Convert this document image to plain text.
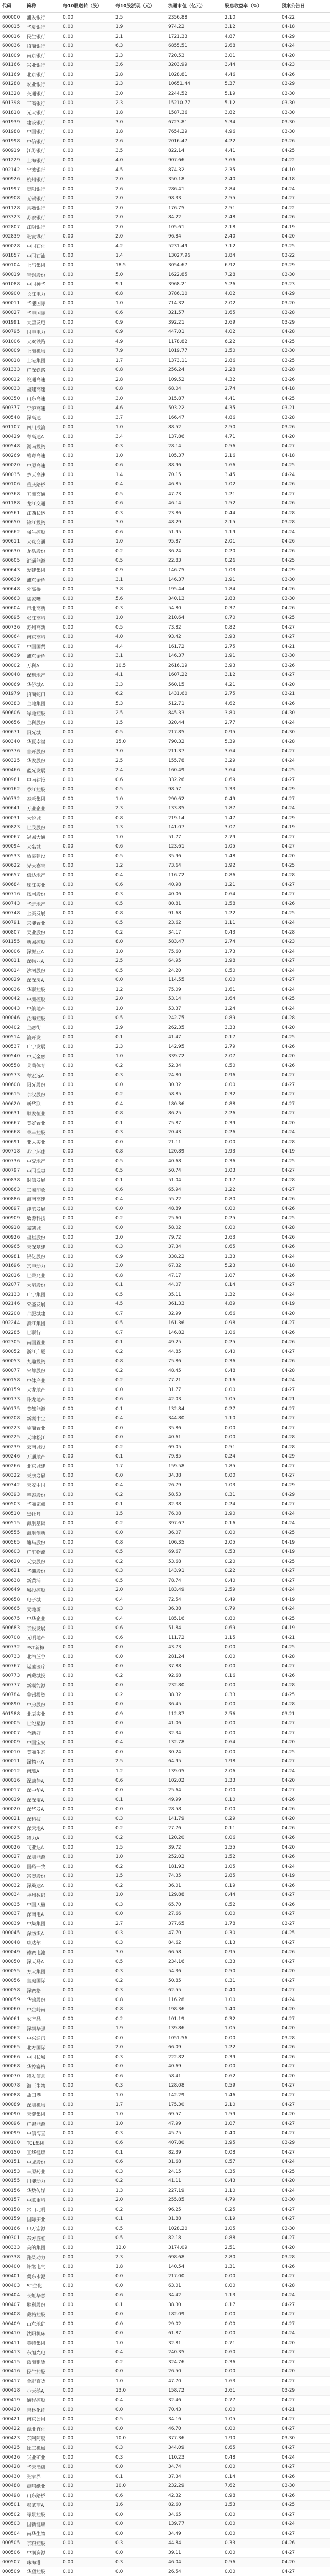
代码	简称	每10股送转（股）	每10股派现（元）	流通市值（亿元）	股息收益率（%）	预案公告日
600000	浦发银行	0.00	2.5	2356.88	2.10	04-22
600015	华夏银行	0.00	1.9	974.22	3.12	04-18
600016	民生银行	0.00	2.1	1721.33	4.87	04-29
600036	招商银行	0.00	6.3	6855.51	2.68	04-24
601009	南京银行	0.00	2.3	720.53	3.01	04-20
601166	兴业银行	0.00	3.6	3203.99	3.44	04-23
601169	北京银行	0.00	2.8	1028.81	4.46	04-26
601288	农业银行	0.00	2.3	10651.44	5.37	03-29
601328	交通银行	0.00	3.0	2244.52	5.19	03-30
601398	工商银行	0.00	2.3	15210.77	5.12	03-30
601818	光大银行	0.00	1.8	1587.36	3.82	03-30
601939	建设银行	0.00	3.0	6723.81	5.34	03-30
601988	中国银行	0.00	1.8	7654.29	4.96	03-30
601998	中信银行	0.00	2.6	2016.47	4.22	03-26
600919	江苏银行	0.00	3.5	822.14	4.41	04-25
601229	上海银行	0.00	4.0	907.66	3.66	04-22
002142	宁波银行	0.00	4.5	874.32	2.35	04-10
600926	杭州银行	0.00	2.0	350.18	2.40	04-18
601997	贵阳银行	0.00	2.6	286.41	2.84	04-24
600908	无锡银行	0.00	2.0	98.33	2.55	04-27
601128	常熟银行	0.00	2.0	176.75	2.51	04-22
603323	苏农银行	0.00	2.0	84.22	2.48	04-26
002807	江阴银行	0.00	2.0	105.61	2.18	04-19
002839	张家港行	0.00	2.0	96.84	2.40	04-20
600028	中国石化	0.00	4.2	5231.49	7.12	03-25
601857	中国石油	0.00	1.4	13027.96	1.84	03-22
600104	上汽集团	0.00	18.5	3054.67	6.92	03-29
600019	宝钢股份	0.00	5.0	1622.85	7.28	03-30
601088	中国神华	0.00	9.1	3968.21	5.26	03-23
600900	长江电力	0.00	6.8	3786.10	4.02	04-29
600011	华能国际	0.00	1.0	714.32	2.02	03-20
600027	华电国际	0.00	0.6	321.57	1.65	03-28
601991	大唐发电	0.00	0.9	392.21	2.69	03-29
600795	国电电力	0.00	0.9	447.01	4.02	04-28
601006	大秦铁路	0.00	4.9	1178.82	6.22	04-25
600009	上海机场	0.00	7.9	1019.77	1.50	03-30
600018	上港集团	0.00	1.7	1373.11	2.86	03-25
601333	广深铁路	0.00	0.8	256.24	2.28	03-28
600012	皖通高速	0.00	2.8	109.52	4.32	03-26
600033	福建高速	0.00	0.8	68.04	2.74	04-18
600350	山东高速	0.00	3.0	315.87	4.41	04-25
600377	宁沪高速	0.00	4.6	503.22	4.35	03-21
600548	深高速	0.00	3.7	166.47	4.86	03-28
601107	四川成渝	0.00	1.0	88.52	2.50	03-26
000429	粤高速A	0.00	3.4	137.86	4.71	04-20
000548	湖南投资	0.00	0.3	28.14	0.56	04-27
600269	赣粤高速	0.00	1.0	105.37	2.16	04-18
600020	中原高速	0.00	0.6	88.96	1.66	04-25
600035	楚天高速	0.00	1.4	70.15	3.45	04-24
600106	重庆路桥	0.00	0.4	46.85	1.02	04-26
600368	五洲交通	0.00	0.5	47.73	1.21	04-27
601188	龙江交通	0.00	0.6	46.14	1.52	04-26
600561	江西长运	0.00	0.3	23.86	0.44	04-28
600650	锦江投资	0.00	3.0	48.29	2.15	03-28
600662	强生控股	0.00	0.6	51.95	1.19	04-24
600611	大众交通	0.00	1.0	95.87	2.01	04-26
600630	龙头股份	0.00	0.2	36.24	0.20	04-26
600605	汇通能源	0.00	0.5	22.83	0.26	04-25
600643	爱建集团	0.00	0.9	146.75	1.03	04-29
600639	浦东金桥	0.00	3.1	146.37	1.91	03-30
600648	外高桥	0.00	3.8	195.44	1.84	04-26
600663	陆家嘴	0.00	5.6	340.13	2.83	03-30
600604	市北高新	0.00	0.3	54.80	0.37	04-26
600895	张江高科	0.00	1.0	210.64	0.70	04-25
600736	苏州高新	0.00	0.5	73.82	0.82	04-27
600064	南京高科	0.00	4.0	93.42	3.93	04-27
600007	中国国贸	0.00	4.4	161.72	2.75	04-21
600639	浦东金桥	0.00	3.1	146.37	1.91	03-30
000002	万科A	0.00	10.5	2616.19	3.93	03-26
600048	保利地产	0.00	4.1	1607.22	3.12	04-27
000069	华侨城A	0.00	3.3	560.15	4.21	04-20
001979	招商蛇口	0.00	6.2	1431.60	2.75	03-21
600383	金地集团	0.00	5.3	512.71	4.62	04-26
600606	绿地控股	0.00	2.5	845.33	3.80	04-30
000656	金科股份	0.00	1.5	320.44	2.77	04-24
000671	阳光城	0.00	0.5	217.85	0.95	04-30
600340	华夏幸福	0.00	15.0	790.32	5.39	04-28
600376	首开股份	0.00	3.0	211.37	3.64	04-27
600325	华发股份	0.00	2.5	155.78	3.29	04-24
600466	蓝光发展	0.00	2.4	160.49	3.64	04-25
000961	中南建设	0.00	0.6	332.26	0.69	04-27
600162	香江控股	0.00	0.5	98.57	1.33	04-29
000732	泰禾集团	0.00	1.0	290.62	0.49	04-27
600641	万业企业	0.00	2.3	133.85	1.87	04-24
000031	大悦城	0.00	0.8	219.14	1.47	04-29
600823	世茂股份	0.00	1.3	141.07	3.07	04-19
600067	冠城大通	0.00	1.0	51.77	2.79	04-27
600094	大名城	0.00	0.6	123.61	1.05	04-27
600533	栖霞建设	0.00	0.5	35.96	1.48	04-20
600622	光大嘉宝	0.00	1.2	73.64	1.92	04-25
600657	信达地产	0.00	0.4	116.72	0.86	04-28
600684	珠江实业	0.00	0.6	40.98	1.21	04-27
600716	凤凰股份	0.00	0.3	40.06	0.64	04-27
600743	华远地产	0.00	0.5	80.81	1.58	04-26
600748	上实发展	0.00	0.8	91.68	1.22	04-25
600791	京能置业	0.00	0.5	23.62	1.11	04-24
600807	天业股份	0.00	0.2	34.17	0.43	04-28
601155	新城控股	0.00	8.0	583.47	2.74	04-23
000006	深振业A	0.00	1.0	75.60	1.73	04-24
000011	深物业A	0.00	2.5	64.95	1.98	04-27
000014	沙河股份	0.00	0.5	24.20	0.50	04-24
000029	深深房A	0.00	0.0	114.55	0.00	04-27
000036	华联控股	0.00	1.2	75.09	1.61	04-24
000042	中洲控股	0.00	2.0	53.14	1.64	04-25
000043	中航地产	0.00	1.0	53.37	1.24	04-24
000046	泛海控股	0.00	0.5	242.75	0.89	04-28
000402	金融街	0.00	2.9	262.35	3.33	04-20
000514	渝开发	0.00	0.1	41.47	0.17	04-25
000537	广宇发展	0.00	2.3	142.95	2.79	04-26
000540	中天金融	0.00	1.0	339.72	2.07	04-20
000558	莱茵体育	0.00	0.2	52.34	0.50	04-26
000573	粤宏远A	0.00	0.3	24.80	0.96	04-27
000608	阳光股份	0.00	0.0	30.32	0.00	04-27
000615	京汉股份	0.00	0.2	58.85	0.32	04-27
000620	新华联	0.00	0.4	180.36	0.88	04-27
000631	顺发恒业	0.00	0.8	86.25	2.26	04-27
000667	美好置业	0.00	0.1	75.87	0.39	04-20
000668	荣丰控股	0.00	0.3	20.43	0.26	04-24
000691	亚太实业	0.00	0.0	21.11	0.00	04-28
000718	苏宁环球	0.00	0.8	120.89	1.93	04-19
000736	中交地产	0.00	0.5	40.68	0.36	04-25
000797	中国武夷	0.00	0.5	50.74	1.03	04-27
000838	财信发展	0.00	0.1	51.04	0.17	04-28
000863	三湘印象	0.00	0.6	65.94	1.22	04-27
000886	海南高速	0.00	0.4	55.22	0.80	04-26
000897	津滨发展	0.00	0.0	48.89	0.00	04-26
000909	数源科技	0.00	0.2	25.60	0.25	04-25
000918	嘉凯城	0.00	0.0	58.02	0.00	04-28
000926	福星股份	0.00	2.0	79.72	2.63	04-26
000965	天保基建	0.00	0.3	37.34	0.65	04-26
000981	银亿股份	0.00	0.9	338.22	1.33	04-24
001696	宗申动力	0.00	3.0	67.32	5.23	04-18
002016	世荣兆业	0.00	0.8	47.17	1.07	04-26
002077	大港股份	0.00	0.1	44.07	0.14	04-27
002133	广宇集团	0.00	0.5	35.11	1.32	04-24
002146	荣盛发展	0.00	4.5	361.33	4.89	04-19
002208	合肥城建	0.00	0.7	32.99	0.66	04-20
002244	滨江集团	0.00	0.5	161.36	0.98	04-27
002285	世联行	0.00	0.7	146.82	1.06	04-26
002305	南国置业	0.00	0.1	49.25	0.25	04-26
600052	浙江广厦	0.00	0.2	44.85	0.40	04-27
600053	九鼎投资	0.00	0.8	75.86	0.36	04-26
600077	宋都股份	0.00	0.2	48.45	0.48	04-28
600158	中体产业	0.00	0.2	77.21	0.16	04-24
600159	大龙地产	0.00	0.0	31.77	0.00	04-27
600173	卧龙地产	0.00	0.6	42.03	1.05	04-21
600175	美都能源	0.00	0.1	132.84	0.27	04-27
600208	新湖中宝	0.00	0.4	344.80	1.10	04-27
600223	鲁商置业	0.00	0.0	35.86	0.00	04-27
600225	天津松江	0.00	0.0	40.61	0.00	04-28
600239	云南城投	0.00	0.2	69.05	0.51	04-28
600246	万通地产	0.00	0.1	79.85	0.24	04-29
600266	北京城建	0.00	1.7	159.58	1.85	04-27
600322	天房发展	0.00	0.0	34.38	0.00	04-27
600342	天安中国	0.00	0.4	26.79	1.03	04-29
600393	粤泰股份	0.00	0.2	58.53	0.31	04-29
600503	华丽家族	0.00	0.1	82.38	0.24	04-27
600510	黑牡丹	0.00	1.5	76.08	1.90	04-24
600515	海航基础	0.00	0.2	397.67	0.16	04-24
600555	海航创新	0.00	0.0	36.07	0.00	04-25
600565	迪马股份	0.00	0.8	106.35	2.05	04-19
600603	广汇物流	0.00	0.5	69.67	0.53	04-19
600620	天宸股份	0.00	0.2	53.68	0.20	04-25
600621	华鑫股份	0.00	0.3	143.91	0.22	04-27
600638	新黄浦	0.00	0.5	78.74	0.40	04-27
600649	城投控股	0.00	2.0	183.49	2.59	04-24
600658	电子城	0.00	0.4	72.54	0.49	04-19
600665	天地源	0.00	0.3	36.38	0.79	04-24
600675	中华企业	0.00	0.4	185.16	0.80	04-25
600683	京投发展	0.00	0.6	51.84	0.69	04-19
600708	光明地产	0.00	0.6	111.72	1.15	04-21
600732	*ST新梅	0.00	0.0	43.73	0.00	04-25
600733	北汽蓝谷	0.00	0.0	281.24	0.00	04-28
600767	运盛医疗	0.00	0.0	37.88	0.00	04-27
600773	西藏城投	0.00	0.2	92.68	0.16	04-26
600777	新潮能源	0.00	0.0	232.80	0.00	04-28
600784	鲁银投资	0.00	0.2	38.32	0.33	04-25
600890	中房股份	0.00	0.0	36.45	0.00	04-28
601588	北辰实业	0.00	0.9	112.87	2.56	03-21
000005	世纪星源	0.00	0.0	41.06	0.00	04-27
000007	全新好	0.00	0.0	32.34	0.00	04-27
000009	中国宝安	0.00	0.4	132.78	0.64	04-20
000010	美丽生态	0.00	0.0	30.24	0.00	04-25
000011	深物业A	0.00	2.5	64.95	1.98	04-27
000012	南玻A	0.00	1.2	139.05	2.06	04-24
000016	深康佳A	0.00	0.6	102.02	1.33	04-20
000017	深中华A	0.00	0.0	25.64	0.00	04-27
000019	深深宝A	0.00	0.1	49.99	0.10	04-26
000020	深华发A	0.00	0.0	28.58	0.00	04-26
000021	深科技	0.00	0.3	141.79	0.29	04-20
000023	深天地A	0.00	0.2	27.76	0.11	04-26
000025	特力A	0.00	0.2	120.20	0.06	04-26
000026	飞亚达A	0.00	1.5	39.72	1.55	04-20
000027	深圳能源	0.00	1.0	252.02	1.52	04-26
000028	国药一致	0.00	6.2	181.93	1.05	04-24
000030	富奥股份	0.00	1.5	74.35	2.85	04-19
000032	深桑达A	0.00	0.2	36.01	0.19	04-26
000034	神州数码	0.00	1.0	129.88	0.44	04-27
000035	中国天楹	0.00	0.3	65.70	0.52	04-26
000037	深南电A	0.00	0.0	27.66	0.00	04-27
000039	中集集团	0.00	2.7	377.65	1.78	03-27
000045	深纺织A	0.00	0.3	47.70	0.30	04-25
000048	康达尔	0.00	0.3	84.62	0.13	04-27
000049	德赛电池	0.00	3.0	66.58	0.95	04-26
000050	深天马A	0.00	0.5	234.16	0.33	04-27
000055	方大集团	0.00	0.3	54.36	0.50	04-20
000056	皇庭国际	0.00	0.2	50.85	0.31	04-27
000058	深赛格	0.00	0.3	62.55	0.40	04-27
000059	华锦股份	0.00	0.8	116.28	1.00	04-24
000060	中金岭南	0.00	0.8	198.36	1.40	04-20
000061	农产品	0.00	0.2	101.19	0.32	04-27
000062	深圳华强	0.00	1.9	139.86	1.05	04-20
000063	中兴通讯	0.00	0.0	1051.56	0.00	03-28
000065	北方国际	0.00	2.0	66.09	1.22	04-26
000066	中国长城	0.00	0.3	222.82	0.39	04-26
000068	华控赛格	0.00	0.0	40.69	0.00	04-27
000070	特发信息	0.00	0.6	58.41	0.62	04-20
000078	海王生物	0.00	0.3	128.08	0.59	04-27
000088	盐田港	0.00	1.0	142.29	1.46	04-27
000089	深圳机场	0.00	1.7	175.30	2.10	04-27
000090	天健集团	0.00	1.0	69.57	1.59	04-20
000096	广聚能源	0.00	1.0	47.99	1.07	04-27
000099	中信海直	0.00	0.3	45.75	0.40	04-27
000100	TCL集团	0.00	0.6	407.80	1.95	03-29
000150	宜华健康	0.00	0.1	82.39	0.08	04-27
000151	中成股份	0.00	0.6	31.68	0.57	04-24
000153	丰原药业	0.00	0.3	24.15	0.35	04-25
000155	川能动力	0.00	0.2	41.11	0.43	04-20
000156	华数传媒	0.00	1.3	227.19	1.10	04-24
000157	中联重科	0.00	2.0	255.85	4.79	03-30
000158	常山北明	0.00	0.2	96.25	0.25	04-27
000159	国际实业	0.00	0.1	31.88	0.19	04-27
000166	申万宏源	0.00	0.5	1028.20	1.05	03-30
000301	东方盛虹	0.00	0.5	82.18	0.88	04-27
000333	美的集团	0.00	12.0	3174.09	2.51	04-20
000338	潍柴动力	0.00	2.3	698.68	2.80	03-28
000400	许继电气	0.00	1.8	140.54	1.31	04-26
000401	冀东水泥	0.00	0.0	217.00	0.00	04-27
000403	ST生化	0.00	0.0	63.01	0.00	04-28
000404	长虹华意	0.00	0.6	34.42	1.13	04-24
000407	胜利股份	0.00	0.1	38.30	0.17	04-27
000408	藏格控股	0.00	0.0	182.09	0.00	04-27
000409	山东地矿	0.00	0.0	29.02	0.00	04-27
000410	沈阳机床	0.00	0.0	61.87	0.00	04-24
000411	英特集团	0.00	1.0	32.81	0.71	04-20
000413	东旭光电	0.00	0.4	240.35	0.60	04-27
000415	渤海租赁	0.00	0.2	324.76	0.36	04-27
000416	民生控股	0.00	0.0	26.50	0.00	04-20
000417	合肥百货	0.00	1.0	47.70	1.63	04-27
000418	小天鹅A	0.00	13.0	158.72	2.61	03-29
000419	通程控股	0.00	0.4	32.46	0.77	04-27
000420	吉林化纤	0.00	0.0	70.43	0.00	04-21
000421	南京公用	0.00	0.5	34.16	1.05	04-27
000422	湖北宜化	0.00	0.0	46.70	0.00	04-27
000423	东阿阿胶	0.00	10.0	377.36	1.90	03-30
000425	徐工机械	0.00	0.3	344.09	0.65	04-27
000426	兴业矿业	0.00	0.3	110.23	0.48	04-24
000428	华天酒店	0.00	0.0	34.74	0.00	04-27
000430	张家界	0.00	0.1	37.34	0.14	04-26
000488	晨鸣纸业	0.00	10.0	232.29	7.62	03-30
000498	山东路桥	0.00	0.6	42.32	0.98	04-26
000501	鄂武商A	0.00	1.6	82.60	1.53	04-25
000502	绿景控股	0.00	0.0	34.65	0.00	04-27
000503	国新健康	0.00	0.0	139.77	0.00	04-24
000504	南华生物	0.00	0.0	34.49	0.00	04-27
000505	京粮控股	0.00	0.3	44.84	0.33	04-26
000506	中润资源	0.00	0.0	39.11	0.00	04-27
000507	珠海港	0.00	0.3	46.04	0.56	04-20
000509	华塑控股	0.00	0.0	26.54	0.00	04-27
